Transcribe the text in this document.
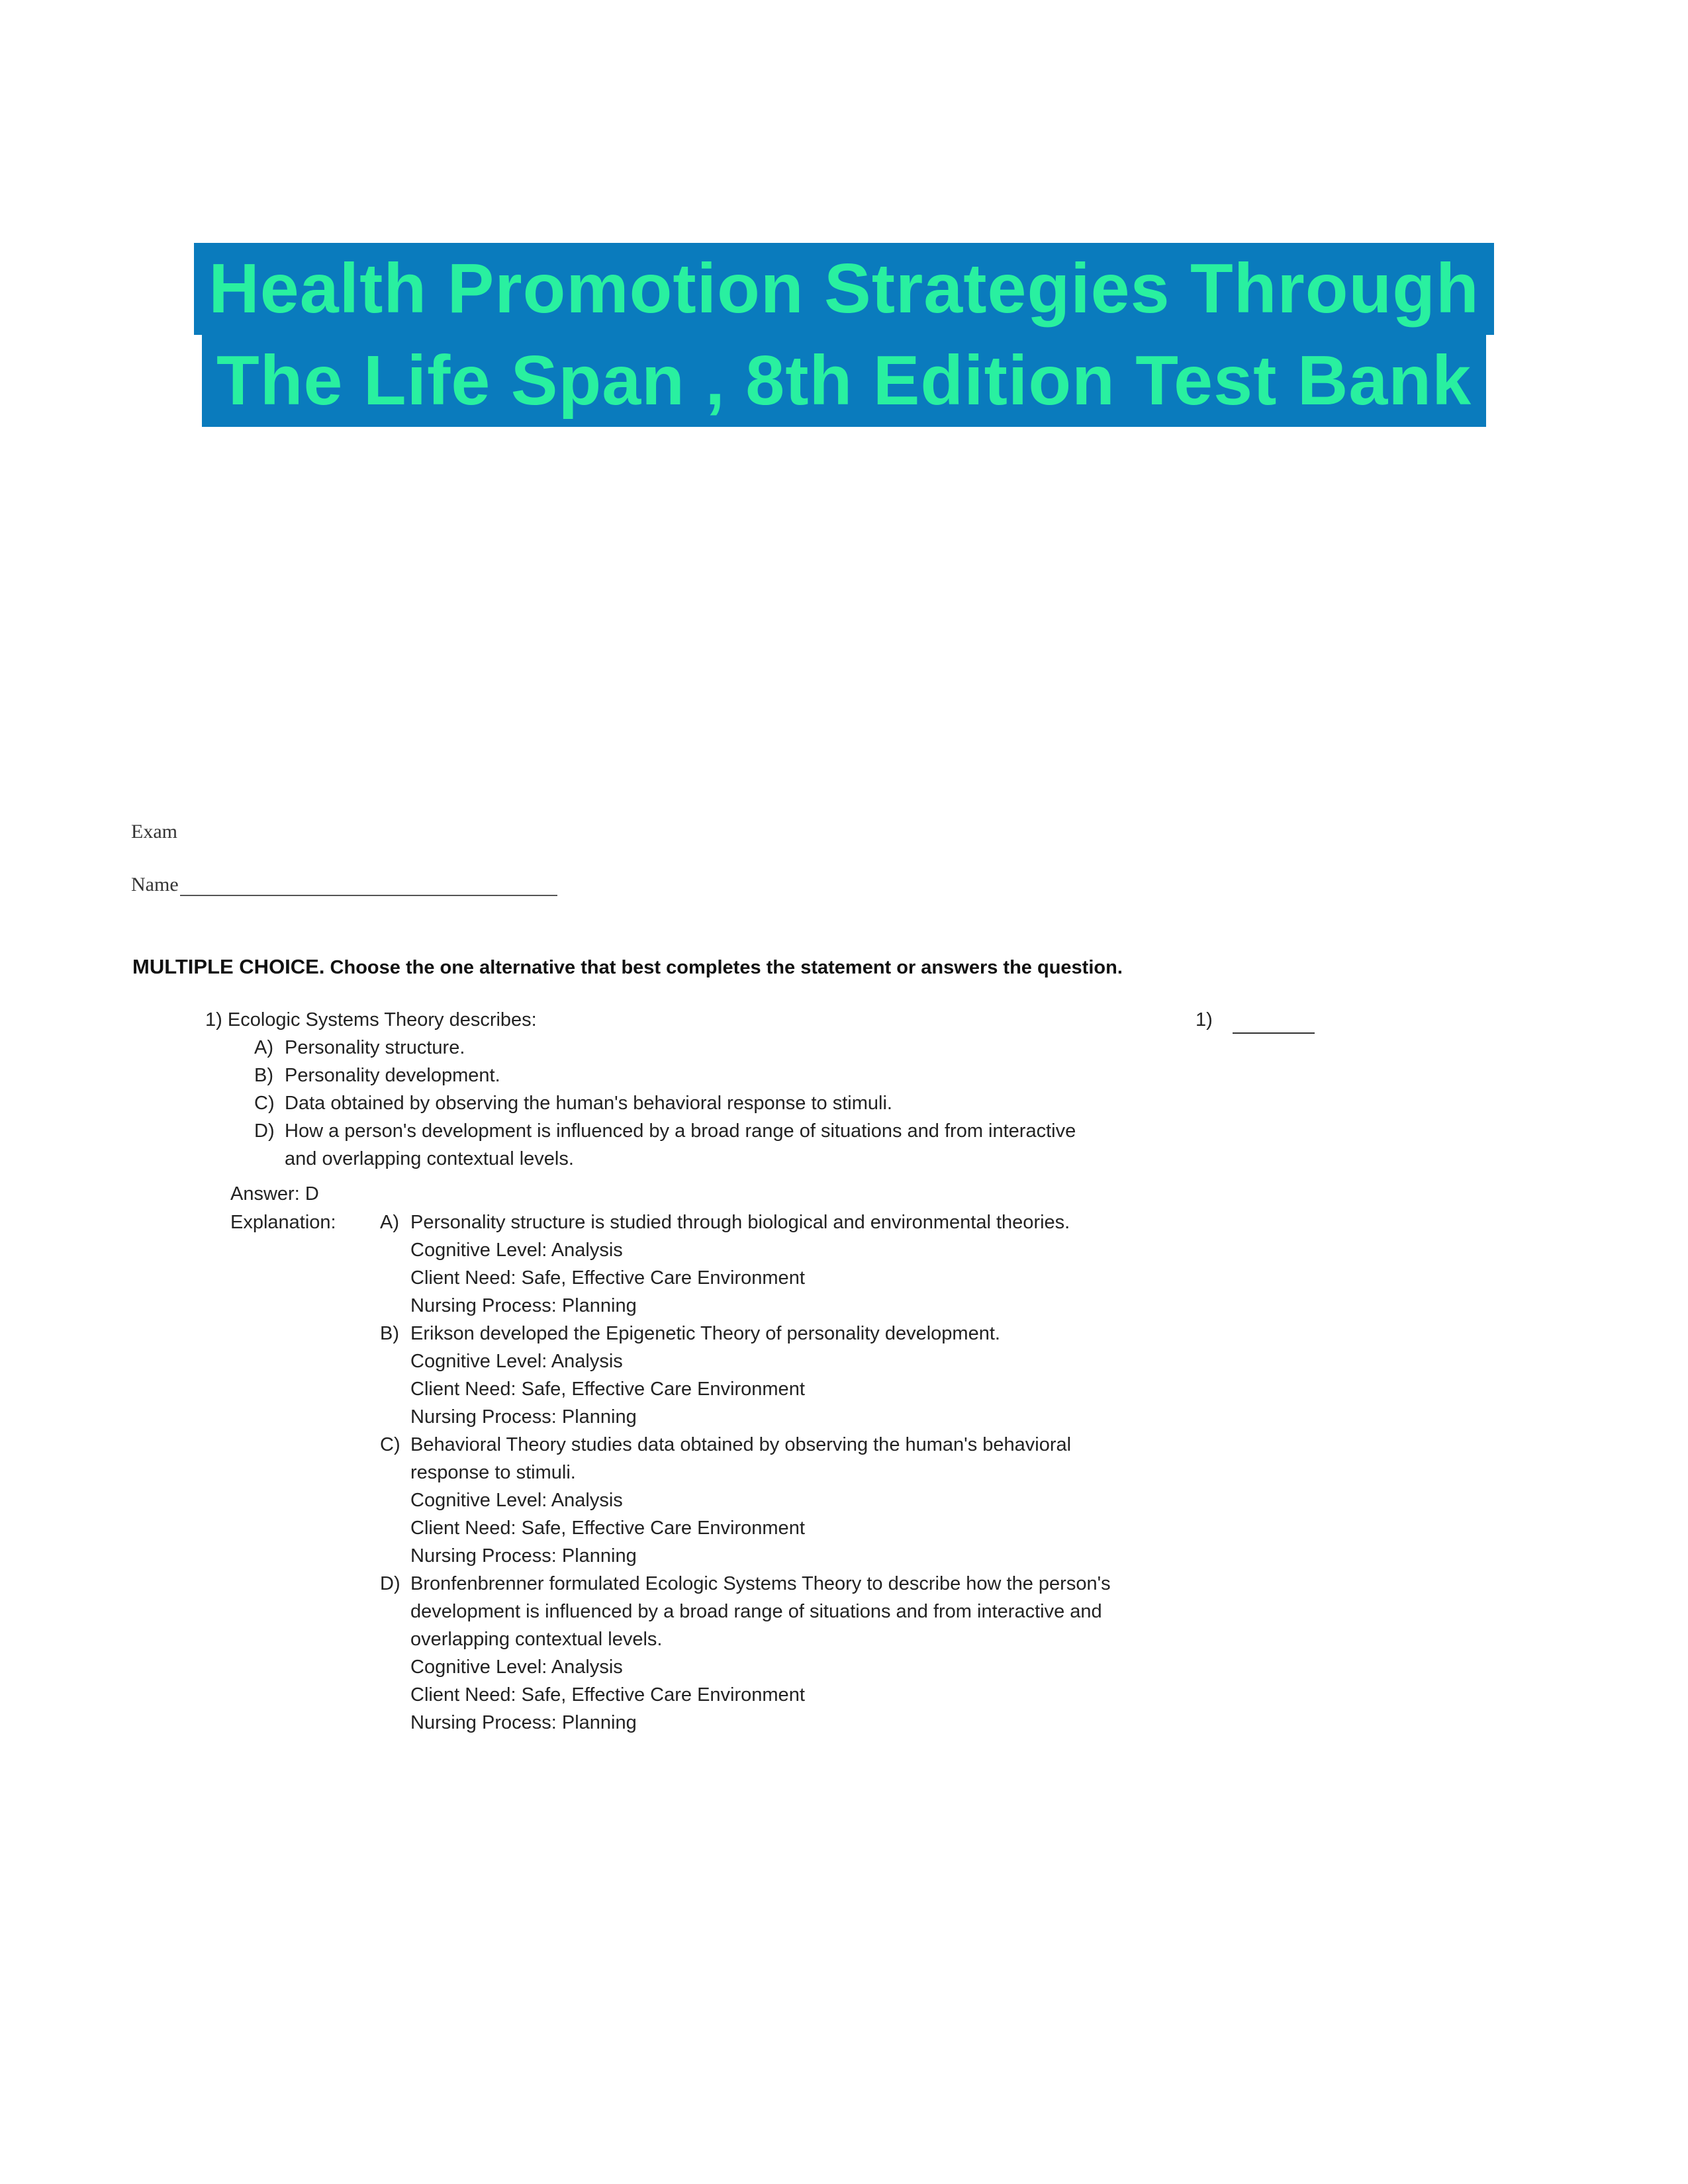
Health Promotion Strategies Through
The Life Span , 8th Edition Test Bank
Exam
Name
MULTIPLE CHOICE. Choose the one alternative that best completes the statement or answers the question.
1) Ecologic Systems Theory describes:	1)
A) Personality structure.
B) Personality development.
C) Data obtained by observing the human's behavioral response to stimuli.
D) How a person's development is influenced by a broad range of situations and from interactive
and overlapping contextual levels.
Answer: D
Explanation: A) Personality structure is studied through biological and environmental theories.
Cognitive Level: Analysis
Client Need: Safe, Effective Care Environment
Nursing Process: Planning
B) Erikson developed the Epigenetic Theory of personality development.
Cognitive Level: Analysis
Client Need: Safe, Effective Care Environment
Nursing Process: Planning
C) Behavioral Theory studies data obtained by observing the human's behavioral
response to stimuli.
Cognitive Level: Analysis
Client Need: Safe, Effective Care Environment
Nursing Process: Planning
D) Bronfenbrenner formulated Ecologic Systems Theory to describe how the person's
development is influenced by a broad range of situations and from interactive and
overlapping contextual levels.
Cognitive Level: Analysis
Client Need: Safe, Effective Care Environment
Nursing Process: Planning
